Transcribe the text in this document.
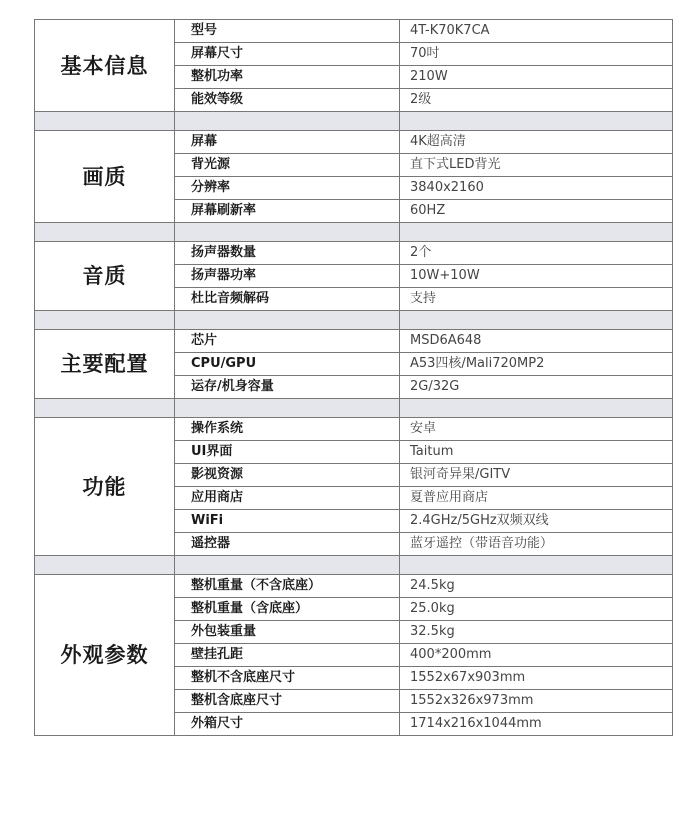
基本信息	型号	4T-K70K7CA
	屏幕尺寸	70吋
	整机功率	210W
	能效等级	2级

画质	屏幕	4K超高清
	背光源	直下式LED背光
	分辨率	3840x2160
	屏幕刷新率	60HZ

音质	扬声器数量	2个
	扬声器功率	10W+10W
	杜比音频解码	支持

主要配置	芯片	MSD6A648
	CPU/GPU	A53四核/Mali720MP2
	运存/机身容量	2G/32G

功能	操作系统	安卓
	UI界面	Taitum
	影视资源	银河奇异果/GITV
	应用商店	夏普应用商店
	WiFi	2.4GHz/5GHz双频双线
	遥控器	蓝牙遥控（带语音功能）

外观参数	整机重量（不含底座）	24.5kg
	整机重量（含底座）	25.0kg
	外包装重量	32.5kg
	壁挂孔距	400*200mm
	整机不含底座尺寸	1552x67x903mm
	整机含底座尺寸	1552x326x973mm
	外箱尺寸	1714x216x1044mm
